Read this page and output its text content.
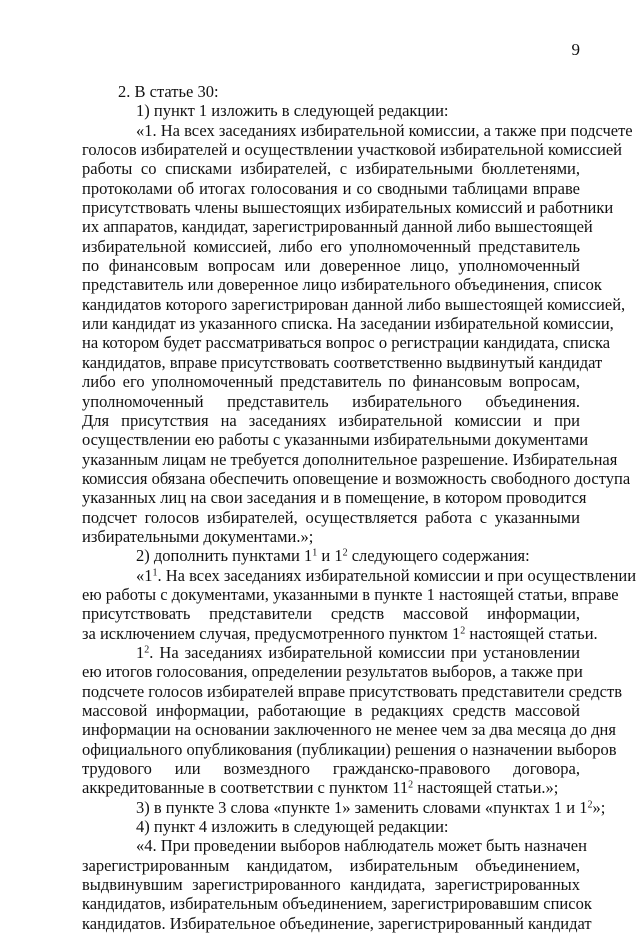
9
2. В статье 30:
1) пункт 1 изложить в следующей редакции:
«1. На всех заседаниях избирательной комиссии, а также при подсчете
голосов избирателей и осуществлении участковой избирательной комиссией
работы со списками избирателей, с избирательными бюллетенями,
протоколами об итогах голосования и со сводными таблицами вправе
присутствовать члены вышестоящих избирательных комиссий и работники
их аппаратов, кандидат, зарегистрированный данной либо вышестоящей
избирательной комиссией, либо его уполномоченный представитель
по финансовым вопросам или доверенное лицо, уполномоченный
представитель или доверенное лицо избирательного объединения, список
кандидатов которого зарегистрирован данной либо вышестоящей комиссией,
или кандидат из указанного списка. На заседании избирательной комиссии,
на котором будет рассматриваться вопрос о регистрации кандидата, списка
кандидатов, вправе присутствовать соответственно выдвинутый кандидат
либо его уполномоченный представитель по финансовым вопросам,
уполномоченный представитель избирательного объединения.
Для присутствия на заседаниях избирательной комиссии и при
осуществлении ею работы с указанными избирательными документами
указанным лицам не требуется дополнительное разрешение. Избирательная
комиссия обязана обеспечить оповещение и возможность свободного доступа
указанных лиц на свои заседания и в помещение, в котором проводится
подсчет голосов избирателей, осуществляется работа с указанными
избирательными документами.»;
2) дополнить пунктами $1^1$ и $1^2$ следующего содержания:
«$1^1$. На всех заседаниях избирательной комиссии и при осуществлении
ею работы с документами, указанными в пункте 1 настоящей статьи, вправе
присутствовать представители средств массовой информации,
за исключением случая, предусмотренного пунктом $1^2$ настоящей статьи.
$1^2$. На заседаниях избирательной комиссии при установлении
ею итогов голосования, определении результатов выборов, а также при
подсчете голосов избирателей вправе присутствовать представители средств
массовой информации, работающие в редакциях средств массовой
информации на основании заключенного не менее чем за два месяца до дня
официального опубликования (публикации) решения о назначении выборов
трудового или возмездного гражданско-правового договора,
аккредитованные в соответствии с пунктом $11^2$ настоящей статьи.»;
3) в пункте 3 слова «пункте 1» заменить словами «пунктах 1 и $1^2$»;
4) пункт 4 изложить в следующей редакции:
«4. При проведении выборов наблюдатель может быть назначен
зарегистрированным кандидатом, избирательным объединением,
выдвинувшим зарегистрированного кандидата, зарегистрированных
кандидатов, избирательным объединением, зарегистрировавшим список
кандидатов. Избирательное объединение, зарегистрированный кандидат
